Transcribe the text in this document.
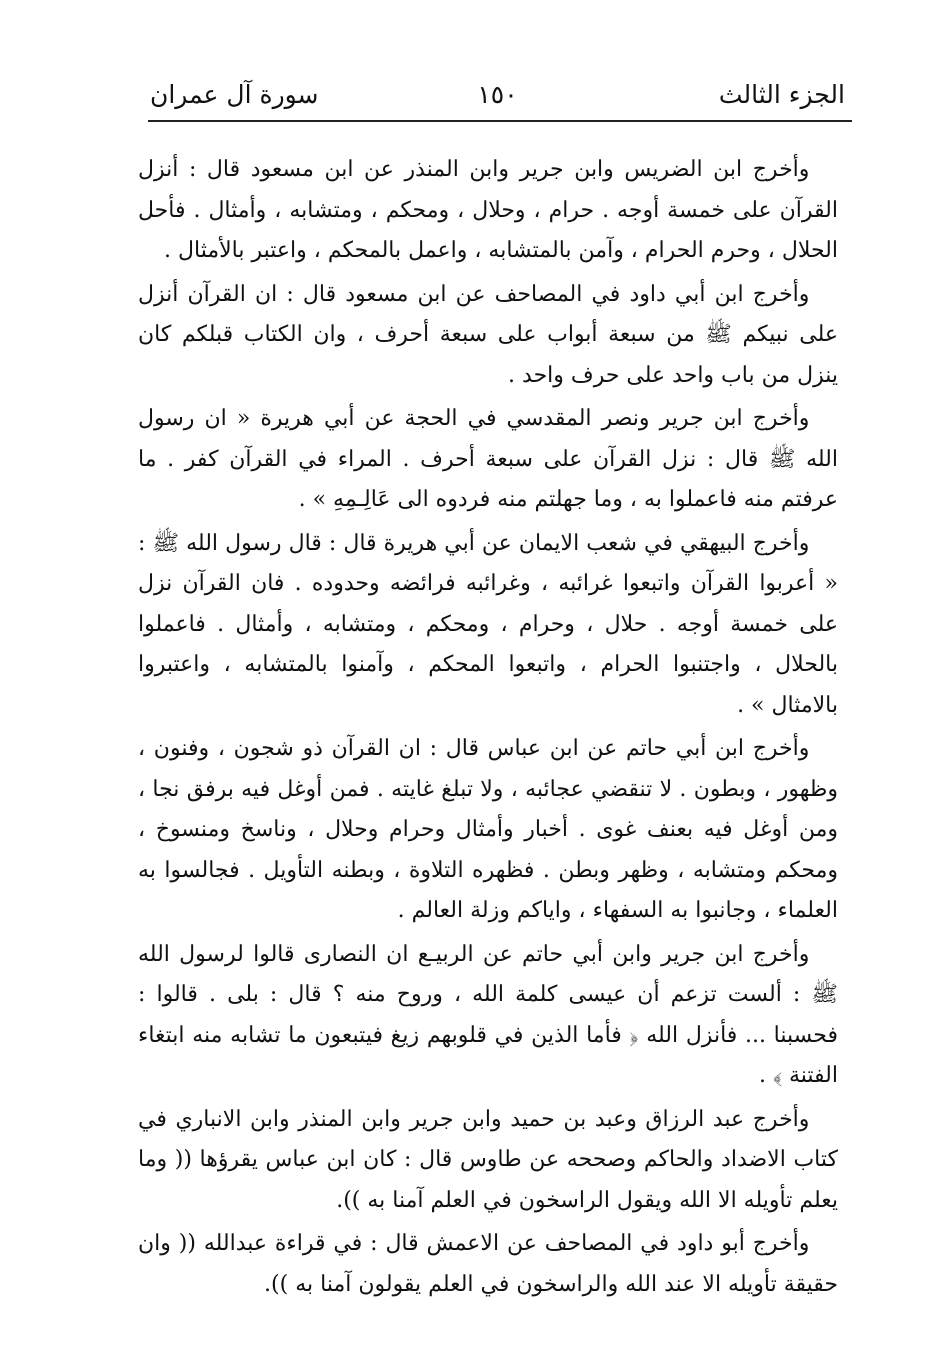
الجزء الثالث
١٥٠
سورة آل عمران

وأخرج ابن الضريس وابن جرير وابن المنذر عن ابن مسعود قال : أنزل القرآن على خمسة أوجه . حرام ، وحلال ، ومحكم ، ومتشابه ، وأمثال . فأحل الحلال ، وحرم الحرام ، وآمن بالمتشابه ، واعمل بالمحكم ، واعتبر بالأمثال .

وأخرج ابن أبي داود في المصاحف عن ابن مسعود قال : ان القرآن أنزل على نبيكم ﷺ من سبعة أبواب على سبعة أحرف ، وان الكتاب قبلكم كان ينزل من باب واحد على حرف واحد .

وأخرج ابن جرير ونصر المقدسي في الحجة عن أبي هريرة « ان رسول الله ﷺ قال : نزل القرآن على سبعة أحرف . المراء في القرآن كفر . ما عرفتم منه فاعملوا به ، وما جهلتم منه فردوه الى عَالِـمِهِ » .

وأخرج البيهقي في شعب الايمان عن أبي هريرة قال : قال رسول الله ﷺ : « أعربوا القرآن واتبعوا غرائبه ، وغرائبه فرائضه وحدوده . فان القرآن نزل على خمسة أوجه . حلال ، وحرام ، ومحكم ، ومتشابه ، وأمثال . فاعملوا بالحلال ، واجتنبوا الحرام ، واتبعوا المحكم ، وآمنوا بالمتشابه ، واعتبروا بالامثال » .

وأخرج ابن أبي حاتم عن ابن عباس قال : ان القرآن ذو شجون ، وفنون ، وظهور ، وبطون . لا تنقضي عجائبه ، ولا تبلغ غايته . فمن أوغل فيه برفق نجا ، ومن أوغل فيه بعنف غوى . أخبار وأمثال وحرام وحلال ، وناسخ ومنسوخ ، ومحكم ومتشابه ، وظهر وبطن . فظهره التلاوة ، وبطنه التأويل . فجالسوا به العلماء ، وجانبوا به السفهاء ، واياكم وزلة العالم .

وأخرج ابن جرير وابن أبي حاتم عن الربيـع ان النصارى قالوا لرسول الله ﷺ : ألست تزعم أن عيسى كلمة الله ، وروح منه ؟ قال : بلى . قالوا : فحسبنا ... فأنزل الله ﴿ فأما الذين في قلوبهم زيغ فيتبعون ما تشابه منه ابتغاء الفتنة ﴾ .

وأخرج عبد الرزاق وعبد بن حميد وابن جرير وابن المنذر وابن الانباري في كتاب الاضداد والحاكم وصححه عن طاوس قال : كان ابن عباس يقرؤها (( وما يعلم تأويله الا الله ويقول الراسخون في العلم آمنا به )).

وأخرج أبو داود في المصاحف عن الاعمش قال : في قراءة عبدالله (( وان حقيقة تأويله الا عند الله والراسخون في العلم يقولون آمنا به )).
